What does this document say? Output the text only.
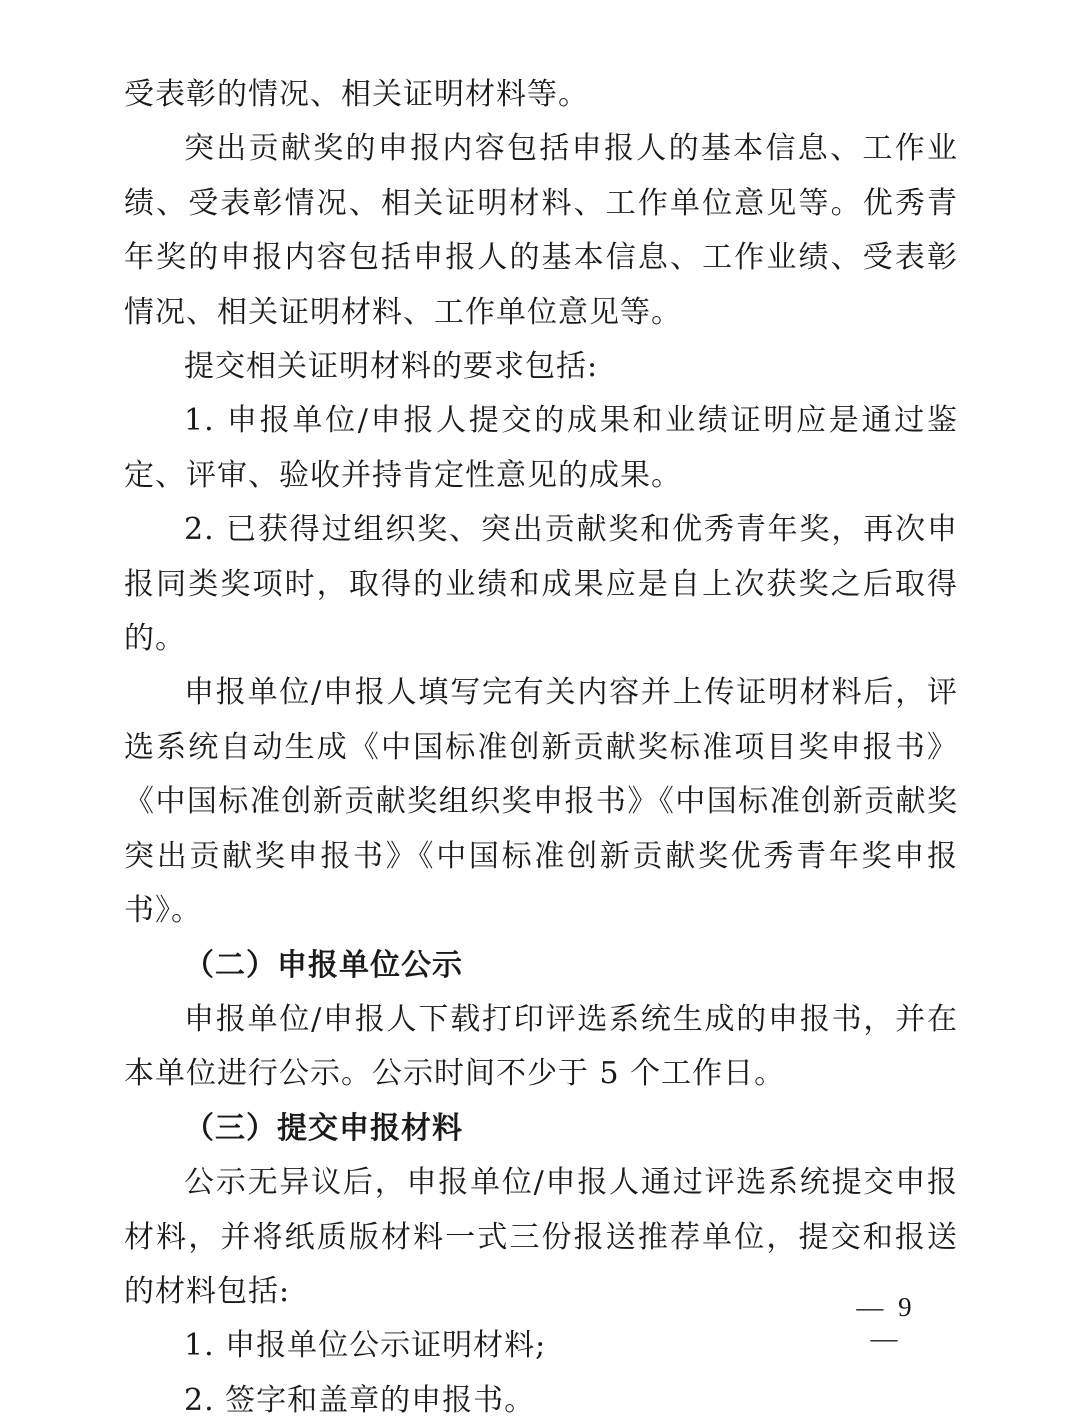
受表彰的情况、相关证明材料等。

突出贡献奖的申报内容包括申报人的基本信息、工作业绩、受表彰情况、相关证明材料、工作单位意见等。优秀青年奖的申报内容包括申报人的基本信息、工作业绩、受表彰情况、相关证明材料、工作单位意见等。

提交相关证明材料的要求包括:

1. 申报单位/申报人提交的成果和业绩证明应是通过鉴定、评审、验收并持肯定性意见的成果。

2. 已获得过组织奖、突出贡献奖和优秀青年奖，再次申报同类奖项时，取得的业绩和成果应是自上次获奖之后取得的。

申报单位/申报人填写完有关内容并上传证明材料后，评选系统自动生成《中国标准创新贡献奖标准项目奖申报书》《中国标准创新贡献奖组织奖申报书》《中国标准创新贡献奖突出贡献奖申报书》《中国标准创新贡献奖优秀青年奖申报书》。

（二）申报单位公示

申报单位/申报人下载打印评选系统生成的申报书，并在本单位进行公示。公示时间不少于 5 个工作日。

（三）提交申报材料

公示无异议后，申报单位/申报人通过评选系统提交申报材料，并将纸质版材料一式三份报送推荐单位，提交和报送的材料包括:

1. 申报单位公示证明材料;

2. 签字和盖章的申报书。

— 9 —
